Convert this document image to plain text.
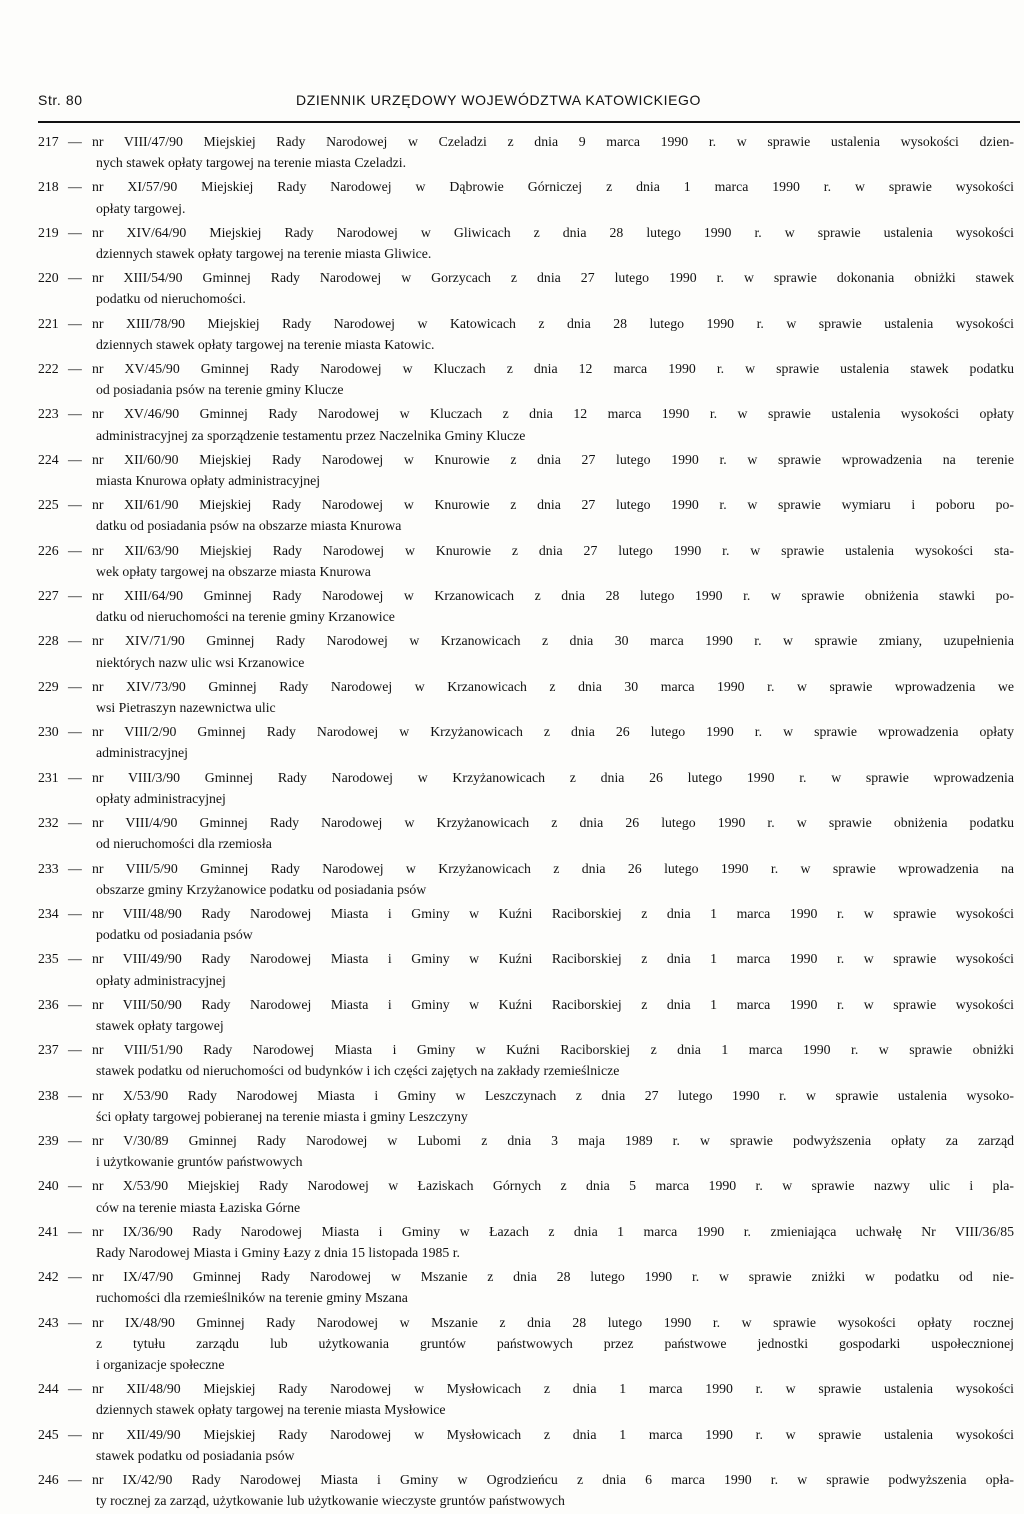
Str. 80	DZIENNIK URZĘDOWY WOJEWÓDZTWA KATOWICKIEGO
217 — nr VIII/47/90 Miejskiej Rady Narodowej w Czeladzi z dnia 9 marca 1990 r. w sprawie ustalenia wysokości dzien-
nych stawek opłaty targowej na terenie miasta Czeladzi.
218 — nr XI/57/90 Miejskiej Rady Narodowej w Dąbrowie Górniczej z dnia 1 marca 1990 r. w sprawie wysokości
opłaty targowej.
219 — nr XIV/64/90 Miejskiej Rady Narodowej w Gliwicach z dnia 28 lutego 1990 r. w sprawie ustalenia wysokości
dziennych stawek opłaty targowej na terenie miasta Gliwice.
220 — nr XIII/54/90 Gminnej Rady Narodowej w Gorzycach z dnia 27 lutego 1990 r. w sprawie dokonania obniżki stawek
podatku od nieruchomości.
221 — nr XIII/78/90 Miejskiej Rady Narodowej w Katowicach z dnia 28 lutego 1990 r. w sprawie ustalenia wysokości
dziennych stawek opłaty targowej na terenie miasta Katowic.
222 — nr XV/45/90 Gminnej Rady Narodowej w Kluczach z dnia 12 marca 1990 r. w sprawie ustalenia stawek podatku
od posiadania psów na terenie gminy Klucze
223 — nr XV/46/90 Gminnej Rady Narodowej w Kluczach z dnia 12 marca 1990 r. w sprawie ustalenia wysokości opłaty
administracyjnej za sporządzenie testamentu przez Naczelnika Gminy Klucze
224 — nr XII/60/90 Miejskiej Rady Narodowej w Knurowie z dnia 27 lutego 1990 r. w sprawie wprowadzenia na terenie
miasta Knurowa opłaty administracyjnej
225 — nr XII/61/90 Miejskiej Rady Narodowej w Knurowie z dnia 27 lutego 1990 r. w sprawie wymiaru i poboru po-
datku od posiadania psów na obszarze miasta Knurowa
226 — nr XII/63/90 Miejskiej Rady Narodowej w Knurowie z dnia 27 lutego 1990 r. w sprawie ustalenia wysokości sta-
wek opłaty targowej na obszarze miasta Knurowa
227 — nr XIII/64/90 Gminnej Rady Narodowej w Krzanowicach z dnia 28 lutego 1990 r. w sprawie obniżenia stawki po-
datku od nieruchomości na terenie gminy Krzanowice
228 — nr XIV/71/90 Gminnej Rady Narodowej w Krzanowicach z dnia 30 marca 1990 r. w sprawie zmiany, uzupełnienia
niektórych nazw ulic wsi Krzanowice
229 — nr XIV/73/90 Gminnej Rady Narodowej w Krzanowicach z dnia 30 marca 1990 r. w sprawie wprowadzenia we
wsi Pietraszyn nazewnictwa ulic
230 — nr VIII/2/90 Gminnej Rady Narodowej w Krzyżanowicach z dnia 26 lutego 1990 r. w sprawie wprowadzenia opłaty
administracyjnej
231 — nr VIII/3/90 Gminnej Rady Narodowej w Krzyżanowicach z dnia 26 lutego 1990 r. w sprawie wprowadzenia
opłaty administracyjnej
232 — nr VIII/4/90 Gminnej Rady Narodowej w Krzyżanowicach z dnia 26 lutego 1990 r. w sprawie obniżenia podatku
od nieruchomości dla rzemiosła
233 — nr VIII/5/90 Gminnej Rady Narodowej w Krzyżanowicach z dnia 26 lutego 1990 r. w sprawie wprowadzenia na
obszarze gminy Krzyżanowice podatku od posiadania psów
234 — nr VIII/48/90 Rady Narodowej Miasta i Gminy w Kuźni Raciborskiej z dnia 1 marca 1990 r. w sprawie wysokości
podatku od posiadania psów
235 — nr VIII/49/90 Rady Narodowej Miasta i Gminy w Kuźni Raciborskiej z dnia 1 marca 1990 r. w sprawie wysokości
opłaty administracyjnej
236 — nr VIII/50/90 Rady Narodowej Miasta i Gminy w Kuźni Raciborskiej z dnia 1 marca 1990 r. w sprawie wysokości
stawek opłaty targowej
237 — nr VIII/51/90 Rady Narodowej Miasta i Gminy w Kuźni Raciborskiej z dnia 1 marca 1990 r. w sprawie obniżki
stawek podatku od nieruchomości od budynków i ich części zajętych na zakłady rzemieślnicze
238 — nr X/53/90 Rady Narodowej Miasta i Gminy w Leszczynach z dnia 27 lutego 1990 r. w sprawie ustalenia wysoko-
ści opłaty targowej pobieranej na terenie miasta i gminy Leszczyny
239 — nr V/30/89 Gminnej Rady Narodowej w Lubomi z dnia 3 maja 1989 r. w sprawie podwyższenia opłaty za zarząd
i użytkowanie gruntów państwowych
240 — nr X/53/90 Miejskiej Rady Narodowej w Łaziskach Górnych z dnia 5 marca 1990 r. w sprawie nazwy ulic i pla-
ców na terenie miasta Łaziska Górne
241 — nr IX/36/90 Rady Narodowej Miasta i Gminy w Łazach z dnia 1 marca 1990 r. zmieniająca uchwałę Nr VIII/36/85
Rady Narodowej Miasta i Gminy Łazy z dnia 15 listopada 1985 r.
242 — nr IX/47/90 Gminnej Rady Narodowej w Mszanie z dnia 28 lutego 1990 r. w sprawie zniżki w podatku od nie-
ruchomości dla rzemieślników na terenie gminy Mszana
243 — nr IX/48/90 Gminnej Rady Narodowej w Mszanie z dnia 28 lutego 1990 r. w sprawie wysokości opłaty rocznej
z tytułu zarządu lub użytkowania gruntów państwowych przez państwowe jednostki gospodarki uspołecznionej
i organizacje społeczne
244 — nr XII/48/90 Miejskiej Rady Narodowej w Mysłowicach z dnia 1 marca 1990 r. w sprawie ustalenia wysokości
dziennych stawek opłaty targowej na terenie miasta Mysłowice
245 — nr XII/49/90 Miejskiej Rady Narodowej w Mysłowicach z dnia 1 marca 1990 r. w sprawie ustalenia wysokości
stawek podatku od posiadania psów
246 — nr IX/42/90 Rady Narodowej Miasta i Gminy w Ogrodzieńcu z dnia 6 marca 1990 r. w sprawie podwyższenia opła-
ty rocznej za zarząd, użytkowanie lub użytkowanie wieczyste gruntów państwowych
